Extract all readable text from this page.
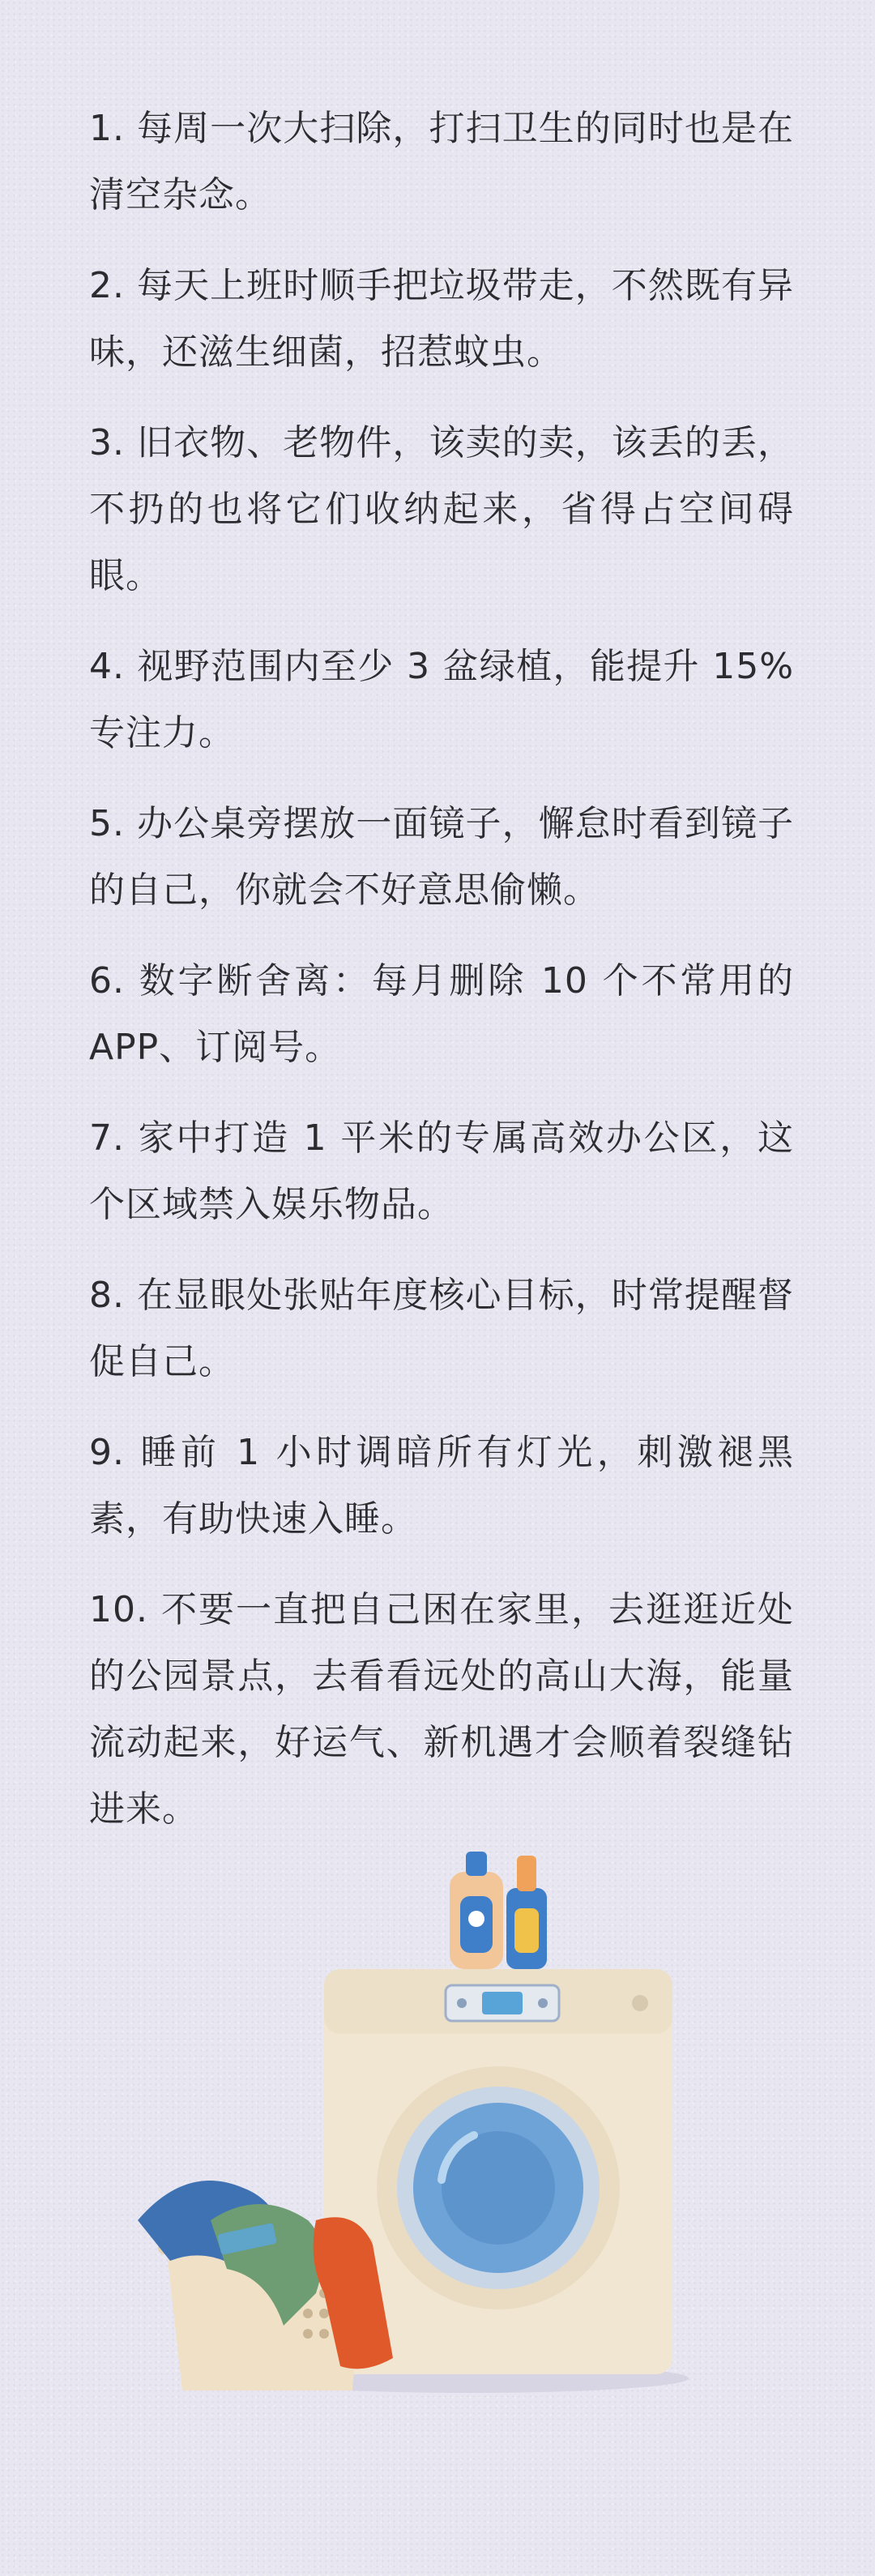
1. 每周一次大扫除，打扫卫生的同时也是在清空杂念。

2. 每天上班时顺手把垃圾带走，不然既有异味，还滋生细菌，招惹蚊虫。

3. 旧衣物、老物件，该卖的卖，该丢的丢，不扔的也将它们收纳起来，省得占空间碍眼。

4. 视野范围内至少 3 盆绿植，能提升 15% 专注力。

5. 办公桌旁摆放一面镜子，懈怠时看到镜子的自己，你就会不好意思偷懒。

6. 数字断舍离：每月删除 10 个不常用的 APP、订阅号。

7. 家中打造 1 平米的专属高效办公区，这个区域禁入娱乐物品。

8. 在显眼处张贴年度核心目标，时常提醒督促自己。

9. 睡前 1 小时调暗所有灯光，刺激褪黑素，有助快速入睡。

10. 不要一直把自己困在家里，去逛逛近处的公园景点，去看看远处的高山大海，能量流动起来，好运气、新机遇才会顺着裂缝钻进来。
